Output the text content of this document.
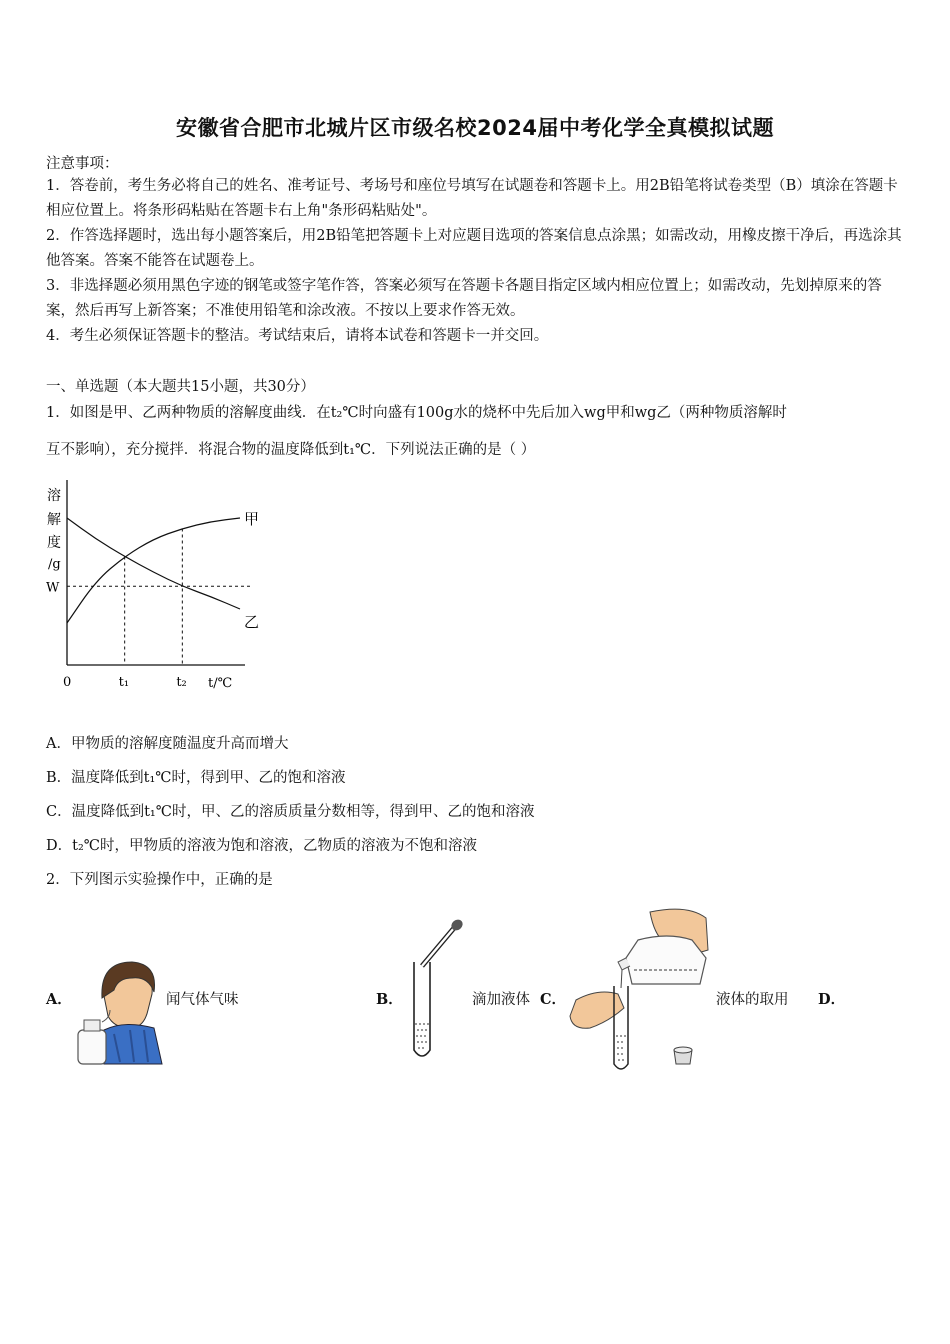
安徽省合肥市北城片区市级名校2024届中考化学全真模拟试题
注意事项：
1．答卷前，考生务必将自己的姓名、准考证号、考场号和座位号填写在试题卷和答题卡上。用2B铅笔将试卷类型（B）填涂在答题卡相应位置上。将条形码粘贴在答题卡右上角"条形码粘贴处"。
2．作答选择题时，选出每小题答案后，用2B铅笔把答题卡上对应题目选项的答案信息点涂黑；如需改动，用橡皮擦干净后，再选涂其他答案。答案不能答在试题卷上。
3．非选择题必须用黑色字迹的钢笔或签字笔作答，答案必须写在答题卡各题目指定区域内相应位置上；如需改动，先划掉原来的答案，然后再写上新答案；不准使用铅笔和涂改液。不按以上要求作答无效。
4．考生必须保证答题卡的整洁。考试结束后，请将本试卷和答题卡一并交回。
一、单选题（本大题共15小题，共30分）
1．如图是甲、乙两种物质的溶解度曲线．在t₂℃时向盛有100g水的烧杯中先后加入wg甲和wg乙（两种物质溶解时
互不影响），充分搅拌．将混合物的温度降低到t₁℃．下列说法正确的是（ ）
甲
乙
溶
解
度
/g
W
0	t₁	t₂ t/℃
A．甲物质的溶解度随温度升高而增大
B．温度降低到t₁℃时，得到甲、乙的饱和溶液
C．温度降低到t₁℃时，甲、乙的溶质质量分数相等，得到甲、乙的饱和溶液
D．t₂℃时，甲物质的溶液为饱和溶液，乙物质的溶液为不饱和溶液
2．下列图示实验操作中，正确的是
A．	闻气体气味	B．	滴加液体 C．	液体的取用 D．
